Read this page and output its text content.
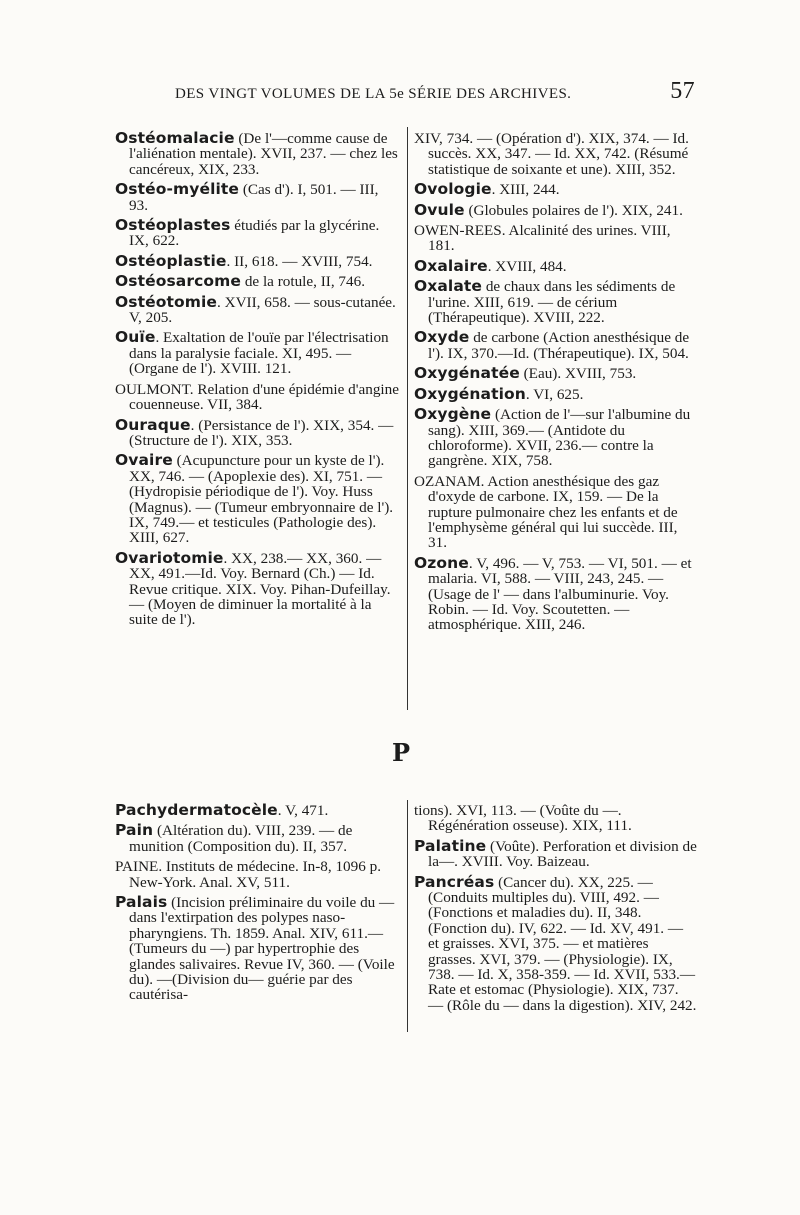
DES VINGT VOLUMES DE LA 5e SÉRIE DES ARCHIVES.	57

Ostéomalacie (De l'—comme cause de l'aliénation mentale). XVII, 237. — chez les cancéreux, XIX, 233.

Ostéo-myélite (Cas d'). I, 501. — III, 93.

Ostéoplastes étudiés par la glycérine. IX, 622.

Ostéoplastie. II, 618. — XVIII, 754.

Ostéosarcome de la rotule, II, 746.

Ostéotomie. XVII, 658. — sous-cutanée. V, 205.

Ouïe. Exaltation de l'ouïe par l'électrisation dans la paralysie faciale. XI, 495. — (Organe de l'). XVIII. 121.

OULMONT. Relation d'une épidémie d'angine couenneuse. VII, 384.

Ouraque. (Persistance de l'). XIX, 354. — (Structure de l'). XIX, 353.

Ovaire (Acupuncture pour un kyste de l'). XX, 746. — (Apoplexie des). XI, 751. — (Hydropisie périodique de l'). Voy. Huss (Magnus). — (Tumeur embryonnaire de l'). IX, 749.— et testicules (Pathologie des). XIII, 627.

Ovariotomie. XX, 238.— XX, 360. —XX, 491.—Id. Voy. Bernard (Ch.) — Id. Revue critique. XIX. Voy. Pihan-Dufeillay. — (Moyen de diminuer la mortalité à la suite de l').

XIV, 734. — (Opération d'). XIX, 374. — Id. succès. XX, 347. — Id. XX, 742. (Résumé statistique de soixante et une). XIII, 352.

Ovologie. XIII, 244.

Ovule (Globules polaires de l'). XIX, 241.

OWEN-REES. Alcalinité des urines. VIII, 181.

Oxalaire. XVIII, 484.

Oxalate de chaux dans les sédiments de l'urine. XIII, 619. — de cérium (Thérapeutique). XVIII, 222.

Oxyde de carbone (Action anesthésique de l'). IX, 370.—Id. (Thérapeutique). IX, 504.

Oxygénatée (Eau). XVIII, 753.

Oxygénation. VI, 625.

Oxygène (Action de l'—sur l'albumine du sang). XIII, 369.— (Antidote du chloroforme). XVII, 236.— contre la gangrène. XIX, 758.

OZANAM. Action anesthésique des gaz d'oxyde de carbone. IX, 159. — De la rupture pulmonaire chez les enfants et de l'emphysème général qui lui succède. III, 31.

Ozone. V, 496. — V, 753. — VI, 501. — et malaria. VI, 588. — VIII, 243, 245. — (Usage de l' — dans l'albuminurie. Voy. Robin. — Id. Voy. Scoutetten. — atmosphérique. XIII, 246.

P

Pachydermatocèle. V, 471.

Pain (Altération du). VIII, 239. — de munition (Composition du). II, 357.

PAINE. Instituts de médecine. In-8, 1096 p. New-York. Anal. XV, 511.

Palais (Incision préliminaire du voile du — dans l'extirpation des polypes naso-pharyngiens. Th. 1859. Anal. XIV, 611.— (Tumeurs du —) par hypertrophie des glandes salivaires. Revue IV, 360. — (Voile du). —(Division du— guérie par des cautérisa-

tions). XVI, 113. — (Voûte du —. Régénération osseuse). XIX, 111.

Palatine (Voûte). Perforation et division de la—. XVIII. Voy. Baizeau.

Pancréas (Cancer du). XX, 225. — (Conduits multiples du). VIII, 492. — (Fonctions et maladies du). II, 348. (Fonction du). IV, 622. — Id. XV, 491. — et graisses. XVI, 375. — et matières grasses. XVI, 379. — (Physiologie). IX, 738. — Id. X, 358-359. — Id. XVII, 533.—Rate et estomac (Physiologie). XIX, 737. — (Rôle du — dans la digestion). XIV, 242.
